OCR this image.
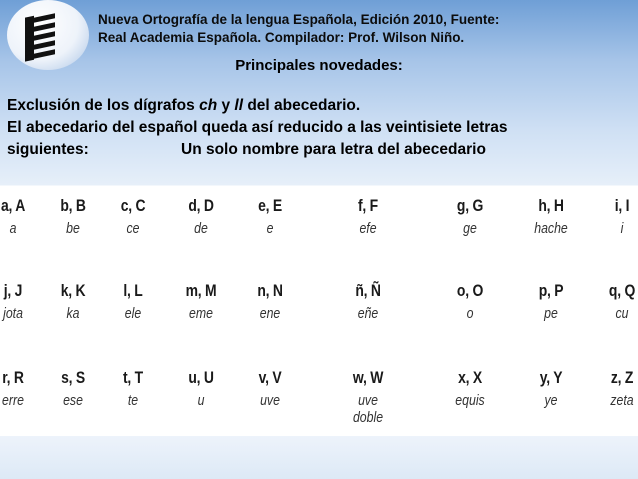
Nueva Ortografía de la lengua Española, Edición 2010, Fuente:
Real Academia Española. Compilador: Prof. Wilson Niño.
Principales novedades:
Exclusión de los dígrafos ch y ll del abecedario.
El abecedario del español queda así reducido a las veintisiete letras
siguientes:	Un solo nombre para letra del abecedario
a, A
a
b, B
be
c, C
ce
d, D
de
e, E
e
f, F
efe
g, G
ge
h, H
hache
i, I
i
j, J
jota
k, K
ka
l, L
ele
m, M
eme
n, N
ene
ñ, Ñ
eñe
o, O
o
p, P
pe
q, Q
cu
r, R
erre
s, S
ese
t, T
te
u, U
u
v, V
uve
w, W
uve doble
x, X
equis
y, Y
ye
z, Z
zeta
